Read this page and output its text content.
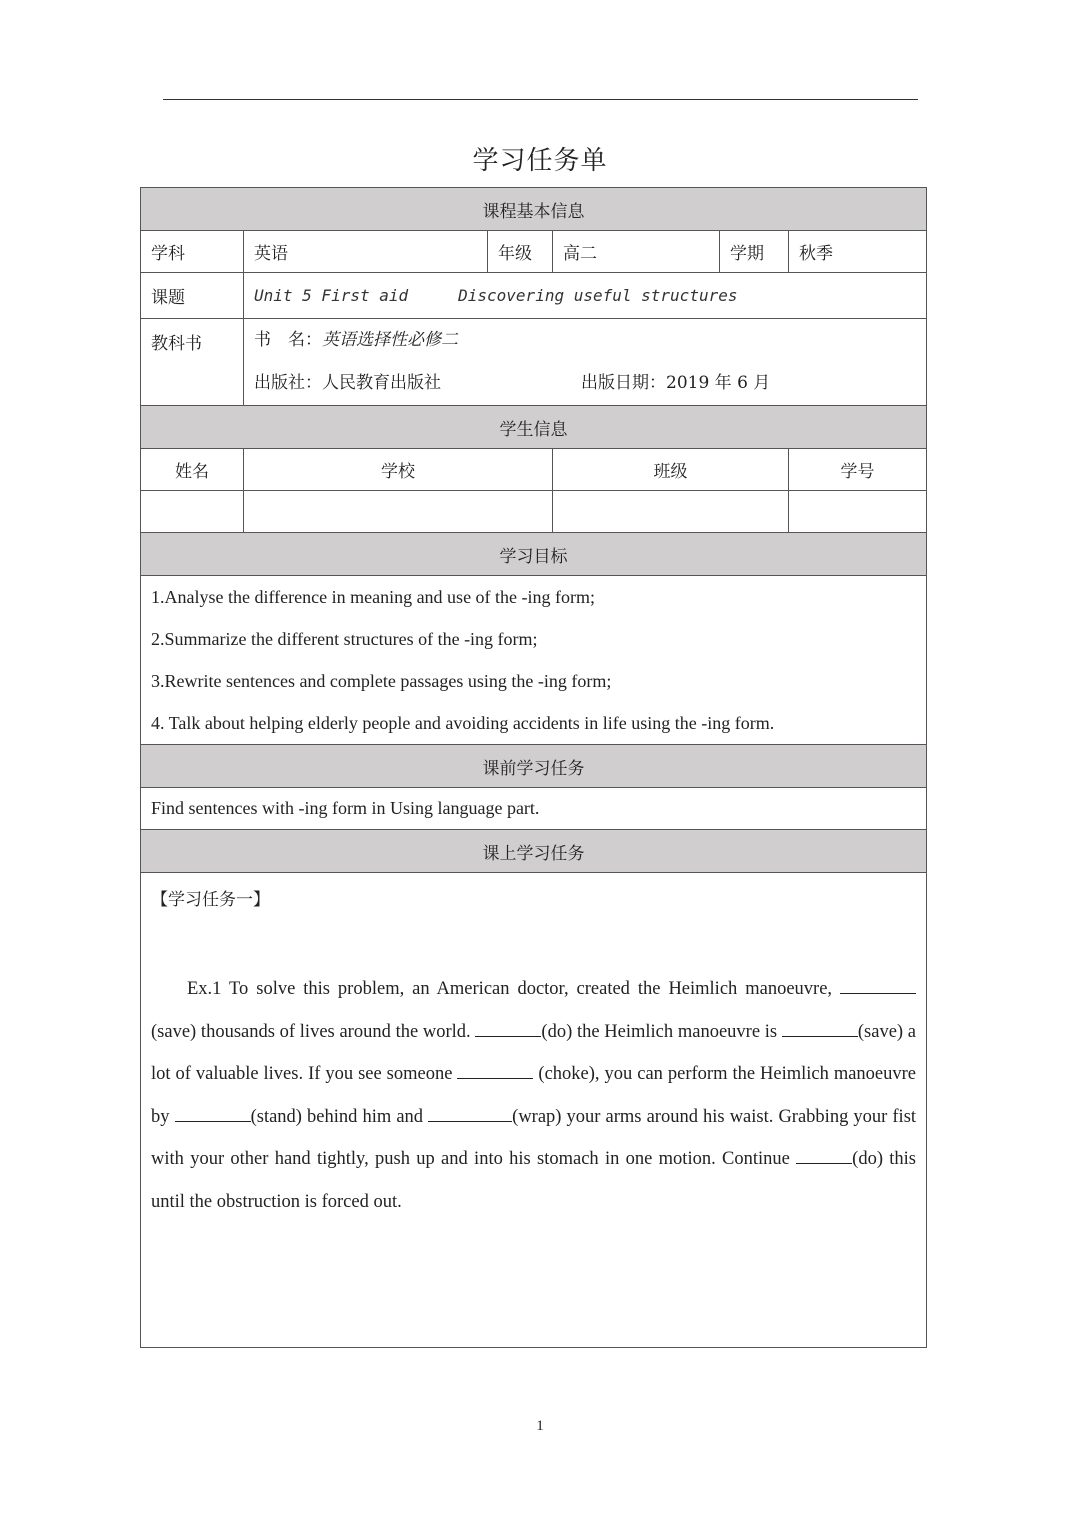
学习任务单
课程基本信息					
学科	英语	年级	高二	学期	秋季
课题	Unit 5 First aid Discovering useful structures				
教科书	书　名：英语选择性必修二
出版社：人民教育出版社 出版日期：2019 年 6 月				

学生信息					
姓名	学校		班级		学号

学习目标					

1.Analyse the difference in meaning and use of the -ing form;
2.Summarize the different structures of the -ing form;
3.Rewrite sentences and complete passages using the -ing form;
4. Talk about helping elderly people and avoiding accidents in life using the -ing form.					

课前学习任务					
Find sentences with -ing form in Using language part.					
课上学习任务					

【学习任务一】
Ex.1 To solve this problem, an American doctor, created the Heimlich manoeuvre, (save) thousands of lives around the world. (do) the Heimlich manoeuvre is (save) a lot of valuable lives. If you see someone (choke), you can perform the Heimlich manoeuvre by (stand) behind him and (wrap) your arms around his waist. Grabbing your fist with your other hand tightly, push up and into his stomach in one motion. Continue (do) this until the obstruction is forced out.					
1
